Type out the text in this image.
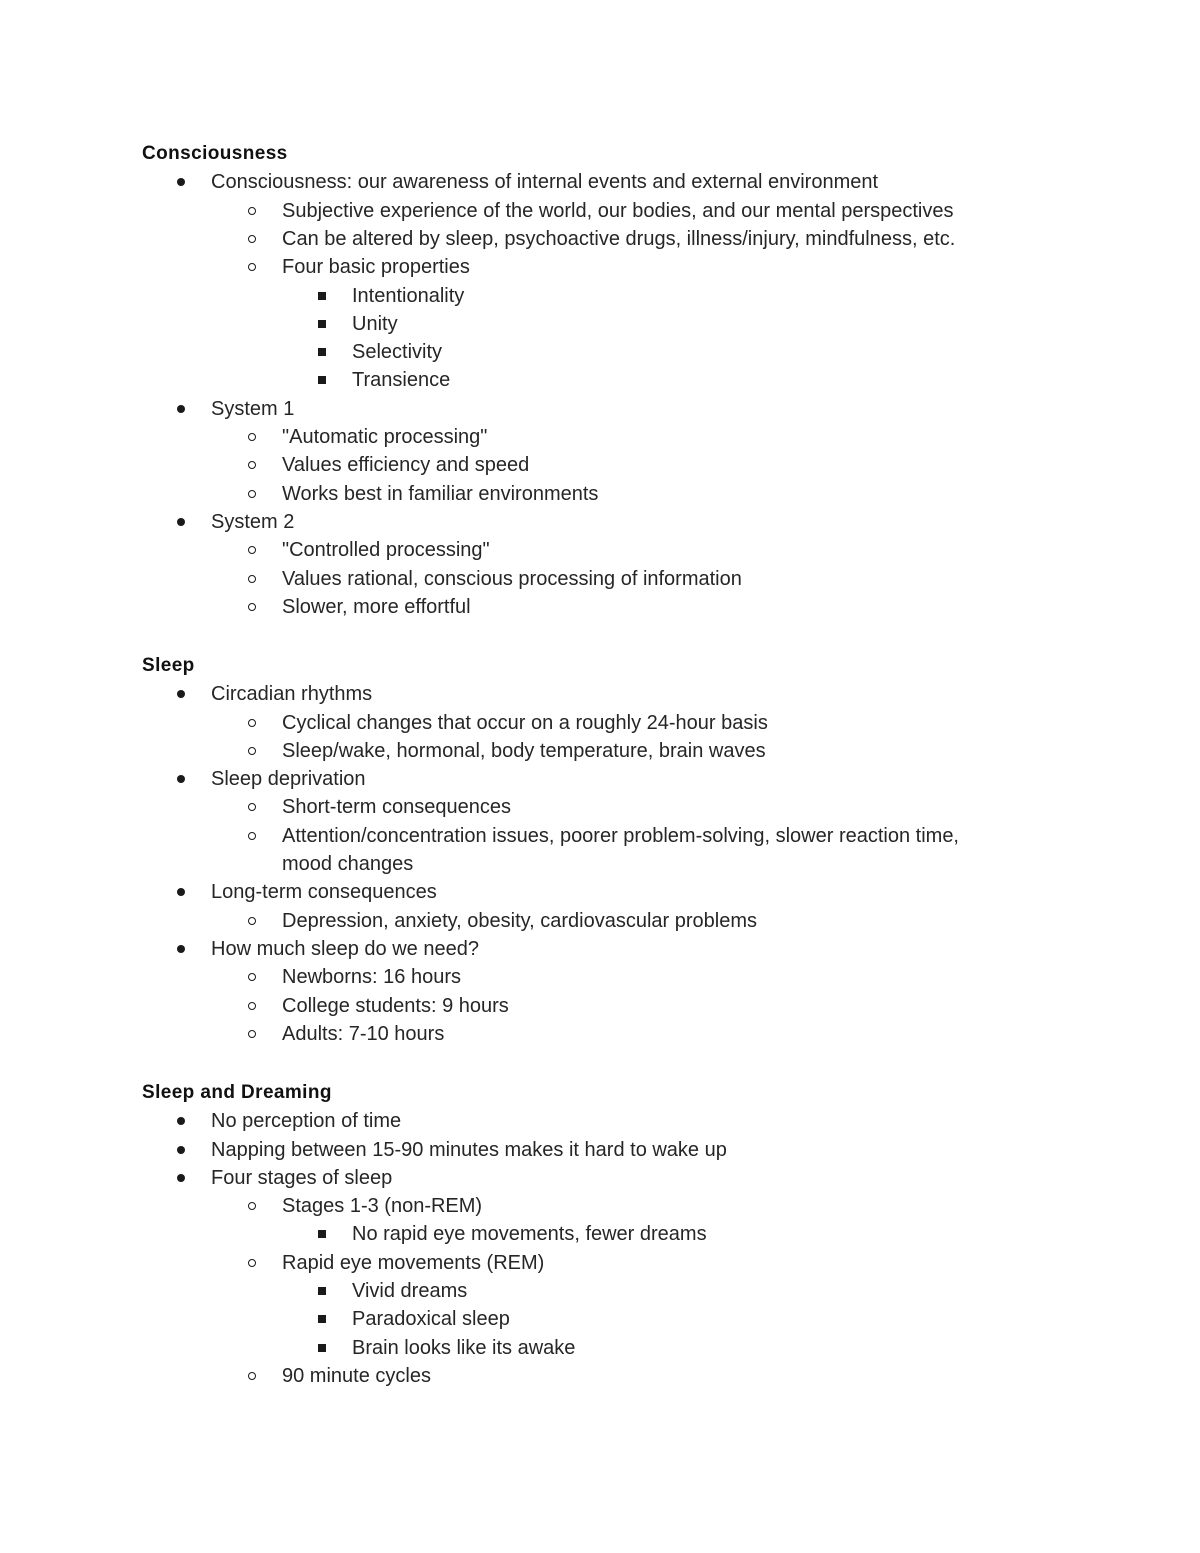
Consciousness
Consciousness: our awareness of internal events and external environment
Subjective experience of the world, our bodies, and our mental perspectives
Can be altered by sleep, psychoactive drugs, illness/injury, mindfulness, etc.
Four basic properties
Intentionality
Unity
Selectivity
Transience
System 1
"Automatic processing"
Values efficiency and speed
Works best in familiar environments
System 2
"Controlled processing"
Values rational, conscious processing of information
Slower, more effortful
Sleep
Circadian rhythms
Cyclical changes that occur on a roughly 24-hour basis
Sleep/wake, hormonal, body temperature, brain waves
Sleep deprivation
Short-term consequences
Attention/concentration issues, poorer problem-solving, slower reaction time,
mood changes
Long-term consequences
Depression, anxiety, obesity, cardiovascular problems
How much sleep do we need?
Newborns: 16 hours
College students: 9 hours
Adults: 7-10 hours
Sleep and Dreaming
No perception of time
Napping between 15-90 minutes makes it hard to wake up
Four stages of sleep
Stages 1-3 (non-REM)
No rapid eye movements, fewer dreams
Rapid eye movements (REM)
Vivid dreams
Paradoxical sleep
Brain looks like its awake
90 minute cycles
